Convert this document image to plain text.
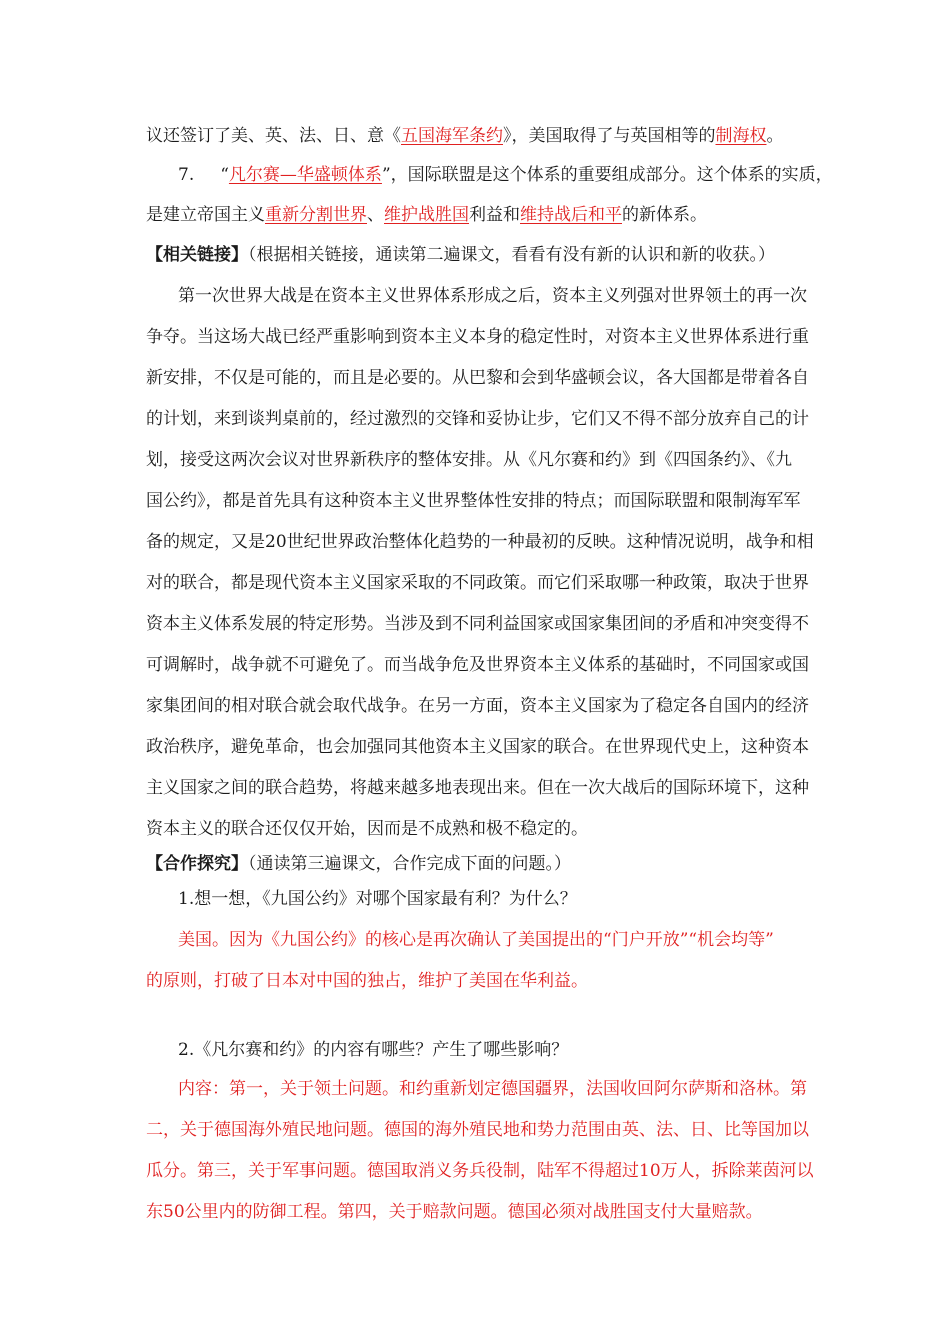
议还签订了美、英、法、日、意《五国海军条约》，美国取得了与英国相等的制海权。
7. “凡尔赛—华盛顿体系”，国际联盟是这个体系的重要组成部分。这个体系的实质，
是建立帝国主义重新分割世界、维护战胜国利益和维持战后和平的新体系。
【相关链接】（根据相关链接，通读第二遍课文，看看有没有新的认识和新的收获。）
第一次世界大战是在资本主义世界体系形成之后，资本主义列强对世界领土的再一次
争夺。当这场大战已经严重影响到资本主义本身的稳定性时，对资本主义世界体系进行重
新安排，不仅是可能的，而且是必要的。从巴黎和会到华盛顿会议，各大国都是带着各自
的计划，来到谈判桌前的，经过激烈的交锋和妥协让步，它们又不得不部分放弃自己的计
划，接受这两次会议对世界新秩序的整体安排。从《凡尔赛和约》到《四国条约》、《九
国公约》，都是首先具有这种资本主义世界整体性安排的特点；而国际联盟和限制海军军
备的规定，又是20世纪世界政治整体化趋势的一种最初的反映。这种情况说明，战争和相
对的联合，都是现代资本主义国家采取的不同政策。而它们采取哪一种政策，取决于世界
资本主义体系发展的特定形势。当涉及到不同利益国家或国家集团间的矛盾和冲突变得不
可调解时，战争就不可避免了。而当战争危及世界资本主义体系的基础时，不同国家或国
家集团间的相对联合就会取代战争。在另一方面，资本主义国家为了稳定各自国内的经济
政治秩序，避免革命，也会加强同其他资本主义国家的联合。在世界现代史上，这种资本
主义国家之间的联合趋势，将越来越多地表现出来。但在一次大战后的国际环境下，这种
资本主义的联合还仅仅开始，因而是不成熟和极不稳定的。
【合作探究】（通读第三遍课文，合作完成下面的问题。）
1.想一想，《九国公约》对哪个国家最有利？为什么？
美国。因为《九国公约》的核心是再次确认了美国提出的“门户开放”“机会均等”
的原则，打破了日本对中国的独占，维护了美国在华利益。
2.《凡尔赛和约》的内容有哪些？产生了哪些影响？
内容：第一，关于领土问题。和约重新划定德国疆界，法国收回阿尔萨斯和洛林。第
二，关于德国海外殖民地问题。德国的海外殖民地和势力范围由英、法、日、比等国加以
瓜分。第三，关于军事问题。德国取消义务兵役制，陆军不得超过10万人，拆除莱茵河以
东50公里内的防御工程。第四，关于赔款问题。德国必须对战胜国支付大量赔款。
